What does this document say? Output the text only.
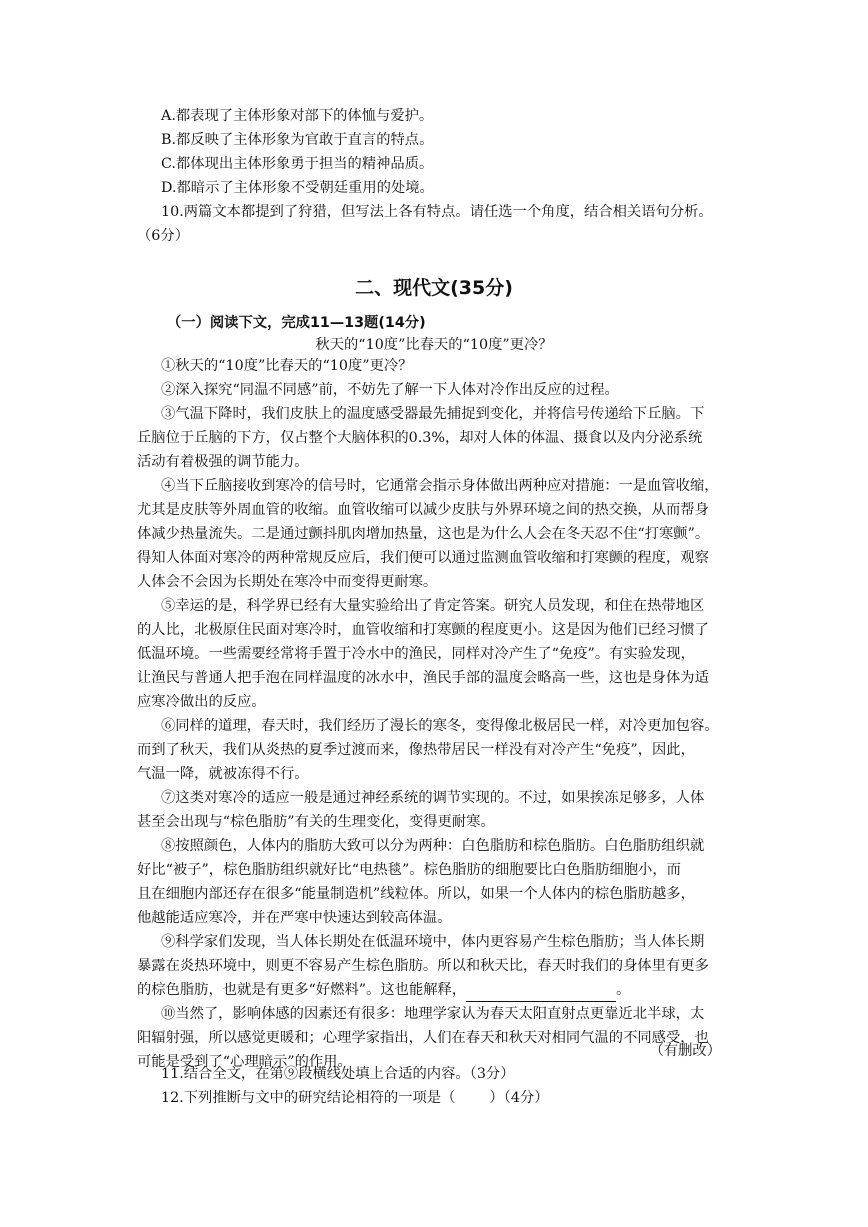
A.都表现了主体形象对部下的体恤与爱护。

B.都反映了主体形象为官敢于直言的特点。

C.都体现出主体形象勇于担当的精神品质。

D.都暗示了主体形象不受朝廷重用的处境。

10.两篇文本都提到了狩猎，但写法上各有特点。请任选一个角度，结合相关语句分析。

（6分）

二、现代文(35分)

（一）阅读下文，完成11—13题(14分)

秋天的“10度”比春天的“10度”更冷？

①秋天的“10度”比春天的“10度”更冷？

②深入探究“同温不同感”前，不妨先了解一下人体对冷作出反应的过程。

③气温下降时，我们皮肤上的温度感受器最先捕捉到变化，并将信号传递给下丘脑。下

丘脑位于丘脑的下方，仅占整个大脑体积的0.3%，却对人体的体温、摄食以及内分泌系统

活动有着极强的调节能力。

④当下丘脑接收到寒冷的信号时，它通常会指示身体做出两种应对措施：一是血管收缩，

尤其是皮肤等外周血管的收缩。血管收缩可以减少皮肤与外界环境之间的热交换，从而帮身

体减少热量流失。二是通过颤抖肌肉增加热量，这也是为什么人会在冬天忍不住“打寒颤”。

得知人体面对寒冷的两种常规反应后，我们便可以通过监测血管收缩和打寒颤的程度，观察

人体会不会因为长期处在寒冷中而变得更耐寒。

⑤幸运的是，科学界已经有大量实验给出了肯定答案。研究人员发现，和住在热带地区

的人比，北极原住民面对寒冷时，血管收缩和打寒颤的程度更小。这是因为他们已经习惯了

低温环境。一些需要经常将手置于冷水中的渔民，同样对冷产生了“免疫”。有实验发现，

让渔民与普通人把手泡在同样温度的冰水中，渔民手部的温度会略高一些，这也是身体为适

应寒冷做出的反应。

⑥同样的道理，春天时，我们经历了漫长的寒冬，变得像北极居民一样，对冷更加包容。

而到了秋天，我们从炎热的夏季过渡而来，像热带居民一样没有对冷产生“免疫”，因此，

气温一降，就被冻得不行。

⑦这类对寒冷的适应一般是通过神经系统的调节实现的。不过，如果挨冻足够多，人体

甚至会出现与“棕色脂肪”有关的生理变化，变得更耐寒。

⑧按照颜色，人体内的脂肪大致可以分为两种：白色脂肪和棕色脂肪。白色脂肪组织就

好比“被子”，棕色脂肪组织就好比“电热毯”。棕色脂肪的细胞要比白色脂肪细胞小，而

且在细胞内部还存在很多“能量制造机”线粒体。所以，如果一个人体内的棕色脂肪越多，

他越能适应寒冷，并在严寒中快速达到较高体温。

⑨科学家们发现，当人体长期处在低温环境中，体内更容易产生棕色脂肪；当人体长期

暴露在炎热环境中，则更不容易产生棕色脂肪。所以和秋天比，春天时我们的身体里有更多

的棕色脂肪，也就是有更多“好燃料”。这也能解释，	。

⑩当然了，影响体感的因素还有很多：地理学家认为春天太阳直射点更靠近北半球，太

阳辐射强，所以感觉更暖和；心理学家指出，人们在春天和秋天对相同气温的不同感受，也

可能是受到了“心理暗示”的作用。

（有删改）

11.结合全文，在第⑨段横线处填上合适的内容。（3分）

12.下列推断与文中的研究结论相符的一项是（ ）（4分）
